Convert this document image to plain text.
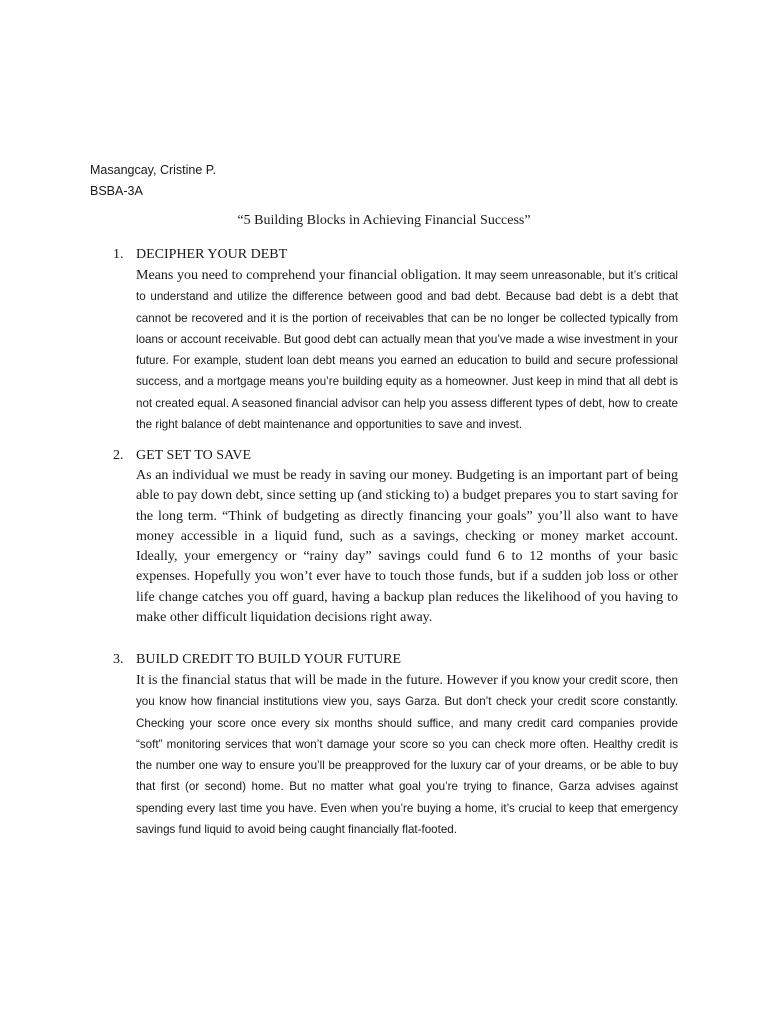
Masangcay, Cristine P.
BSBA-3A
“5 Building Blocks in Achieving Financial Success”
1. DECIPHER YOUR DEBT
Means you need to comprehend your financial obligation. It may seem unreasonable, but it’s critical to understand and utilize the difference between good and bad debt. Because bad debt is a debt that cannot be recovered and it is the portion of receivables that can be no longer be collected typically from loans or account receivable. But good debt can actually mean that you’ve made a wise investment in your future. For example, student loan debt means you earned an education to build and secure professional success, and a mortgage means you’re building equity as a homeowner. Just keep in mind that all debt is not created equal. A seasoned financial advisor can help you assess different types of debt, how to create the right balance of debt maintenance and opportunities to save and invest.
2. GET SET TO SAVE
As an individual we must be ready in saving our money. Budgeting is an important part of being able to pay down debt, since setting up (and sticking to) a budget prepares you to start saving for the long term. “Think of budgeting as directly financing your goals” you’ll also want to have money accessible in a liquid fund, such as a savings, checking or money market account. Ideally, your emergency or “rainy day” savings could fund 6 to 12 months of your basic expenses. Hopefully you won’t ever have to touch those funds, but if a sudden job loss or other life change catches you off guard, having a backup plan reduces the likelihood of you having to make other difficult liquidation decisions right away.
3. BUILD CREDIT TO BUILD YOUR FUTURE
It is the financial status that will be made in the future. However if you know your credit score, then you know how financial institutions view you, says Garza. But don’t check your credit score constantly. Checking your score once every six months should suffice, and many credit card companies provide “soft” monitoring services that won’t damage your score so you can check more often. Healthy credit is the number one way to ensure you’ll be preapproved for the luxury car of your dreams, or be able to buy that first (or second) home. But no matter what goal you’re trying to finance, Garza advises against spending every last time you have. Even when you’re buying a home, it’s crucial to keep that emergency savings fund liquid to avoid being caught financially flat-footed.
